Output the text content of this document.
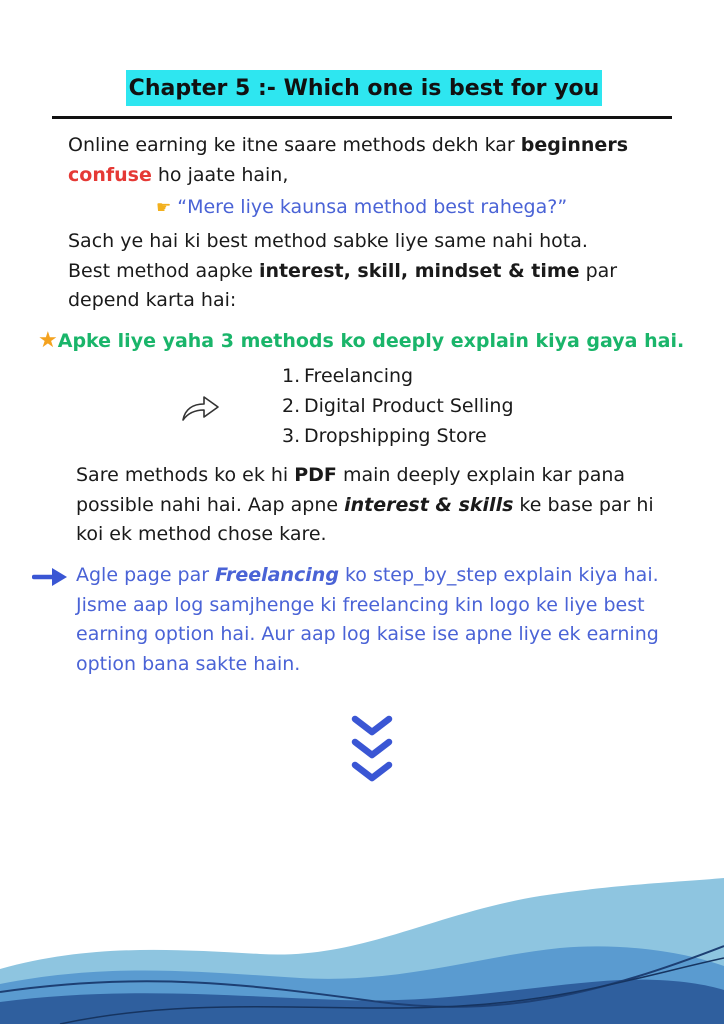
Chapter 5 :- Which one is best for you

Online earning ke itne saare methods dekh kar beginners
confuse ho jaate hain,

☛ “Mere liye kaunsa method best rahega?”

Sach ye hai ki best method sabke liye same nahi hota.
Best method aapke interest, skill, mindset & time par
depend karta hai:

★Apke liye yaha 3 methods ko deeply explain kiya gaya hai.
1. Freelancing
2. Digital Product Selling
3. Dropshipping Store

Sare methods ko ek hi PDF main deeply explain kar pana
possible nahi hai. Aap apne interest & skills ke base par hi
koi ek method chose kare.

Agle page par Freelancing ko step_by_step explain kiya hai.
Jisme aap log samjhenge ki freelancing kin logo ke liye best
earning option hai. Aur aap log kaise ise apne liye ek earning
option bana sakte hain.
